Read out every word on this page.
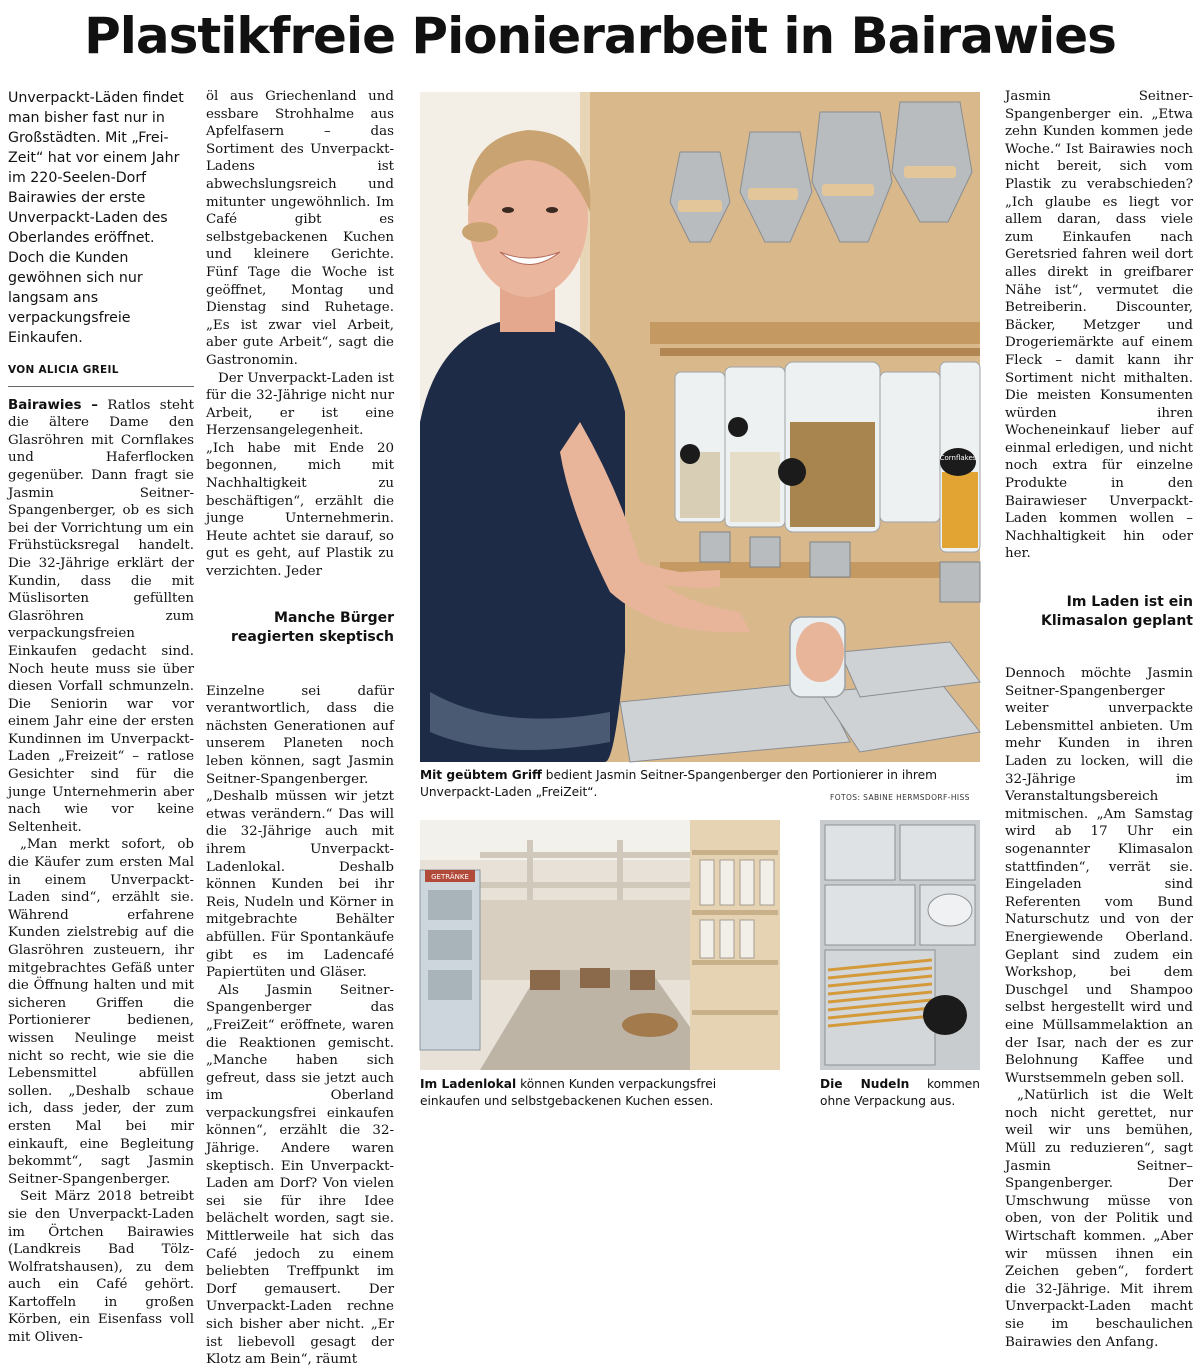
Plastikfreie Pionierarbeit in Bairawies
Unverpackt-Läden findet man bisher fast nur in Großstädten. Mit „Frei-Zeit“ hat vor einem Jahr im 220-Seelen-Dorf Bairawies der erste Unverpackt-Laden des Oberlandes eröffnet. Doch die Kunden gewöhnen sich nur langsam ans verpackungsfreie Einkaufen.
VON ALICIA GREIL

Bairawies – Ratlos steht die ältere Dame den Glasröhren mit Cornflakes und Haferflocken gegenüber. Dann fragt sie Jasmin Seitner-Spangenberger, ob es sich bei der Vorrichtung um ein Frühstücksregal handelt. Die 32-Jährige erklärt der Kundin, dass die mit Müslisorten gefüllten Glasröhren zum verpackungsfreien Einkaufen gedacht sind. Noch heute muss sie über diesen Vorfall schmunzeln. Die Seniorin war vor einem Jahr eine der ersten Kundinnen im Unverpackt-Laden „Freizeit“ – ratlose Gesichter sind für die junge Unternehmerin aber nach wie vor keine Seltenheit.

„Man merkt sofort, ob die Käufer zum ersten Mal in einem Unverpackt-Laden sind“, erzählt sie. Während erfahrene Kunden zielstrebig auf die Glasröhren zusteuern, ihr mitgebrachtes Gefäß unter die Öffnung halten und mit sicheren Griffen die Portionierer bedienen, wissen Neulinge meist nicht so recht, wie sie die Lebensmittel abfüllen sollen. „Deshalb schaue ich, dass jeder, der zum ersten Mal bei mir einkauft, eine Begleitung bekommt“, sagt Jasmin Seitner-Spangenberger.

Seit März 2018 betreibt sie den Unverpackt-Laden im Örtchen Bairawies (Landkreis Bad Tölz-Wolfratshausen), zu dem auch ein Café gehört. Kartoffeln in großen Körben, ein Eisenfass voll mit Oliven-

öl aus Griechenland und essbare Strohhalme aus Apfelfasern – das Sortiment des Unverpackt-Ladens ist abwechslungsreich und mitunter ungewöhnlich. Im Café gibt es selbstgebackenen Kuchen und kleinere Gerichte. Fünf Tage die Woche ist geöffnet, Montag und Dienstag sind Ruhetage. „Es ist zwar viel Arbeit, aber gute Arbeit“, sagt die Gastronomin.

Der Unverpackt-Laden ist für die 32-Jährige nicht nur Arbeit, er ist eine Herzensangelegenheit. „Ich habe mit Ende 20 begonnen, mich mit Nachhaltigkeit zu beschäftigen“, erzählt die junge Unternehmerin. Heute achtet sie darauf, so gut es geht, auf Plastik zu verzichten. Jeder

Manche Bürger reagierten skeptisch

Einzelne sei dafür verantwortlich, dass die nächsten Generationen auf unserem Planeten noch leben können, sagt Jasmin Seitner-Spangenberger. „Deshalb müssen wir jetzt etwas verändern.“ Das will die 32-Jährige auch mit ihrem Unverpackt-Ladenlokal. Deshalb können Kunden bei ihr Reis, Nudeln und Körner in mitgebrachte Behälter abfüllen. Für Spontankäufe gibt es im Ladencafé Papiertüten und Gläser.

Als Jasmin Seitner-Spangenberger das „FreiZeit“ eröffnete, waren die Reaktionen gemischt. „Manche haben sich gefreut, dass sie jetzt auch im Oberland verpackungsfrei einkaufen können“, erzählt die 32-Jährige. Andere waren skeptisch. Ein Unverpackt-Laden am Dorf? Von vielen sei sie für ihre Idee belächelt worden, sagt sie. Mittlerweile hat sich das Café jedoch zu einem beliebten Treffpunkt im Dorf gemausert. Der Unverpackt-Laden rechne sich bisher aber nicht. „Er ist liebevoll gesagt der Klotz am Bein“, räumt

Jasmin Seitner-Spangenberger ein. „Etwa zehn Kunden kommen jede Woche.“ Ist Bairawies noch nicht bereit, sich vom Plastik zu verabschieden? „Ich glaube es liegt vor allem daran, dass viele zum Einkaufen nach Geretsried fahren weil dort alles direkt in greifbarer Nähe ist“, vermutet die Betreiberin. Discounter, Bäcker, Metzger und Drogeriemärkte auf einem Fleck – damit kann ihr Sortiment nicht mithalten. Die meisten Konsumenten würden ihren Wocheneinkauf lieber auf einmal erledigen, und nicht noch extra für einzelne Produkte in den Bairawieser Unverpackt-Laden kommen wollen – Nachhaltigkeit hin oder her.

Im Laden ist ein Klimasalon geplant

Dennoch möchte Jasmin Seitner-Spangenberger weiter unverpackte Lebensmittel anbieten. Um mehr Kunden in ihren Laden zu locken, will die 32-Jährige im Veranstaltungsbereich mitmischen. „Am Samstag wird ab 17 Uhr ein sogenannter Klimasalon stattfinden“, verrät sie. Eingeladen sind Referenten vom Bund Naturschutz und von der Energiewende Oberland. Geplant sind zudem ein Workshop, bei dem Duschgel und Shampoo selbst hergestellt wird und eine Müllsammelaktion an der Isar, nach der es zur Belohnung Kaffee und Wurstsemmeln geben soll.

„Natürlich ist die Welt noch nicht gerettet, nur weil wir uns bemühen, Müll zu reduzieren“, sagt Jasmin Seitner–Spangenberger. Der Umschwung müsse von oben, von der Politik und Wirtschaft kommen. „Aber wir müssen ihnen ein Zeichen geben“, fordert die 32-Jährige. Mit ihrem Unverpackt-Laden macht sie im beschaulichen Bairawies den Anfang.

Cornflakes
Mit geübtem Griff bedient Jasmin Seitner-Spangenberger den Portionierer in ihrem Unverpackt-Laden „FreiZeit“.	FOTOS: SABINE HERMSDORF-HISS
GETRÄNKE
Im Ladenlokal können Kunden verpackungsfrei einkaufen und selbstgebackenen Kuchen essen.
Die Nudeln kommen ohne Verpackung aus.
